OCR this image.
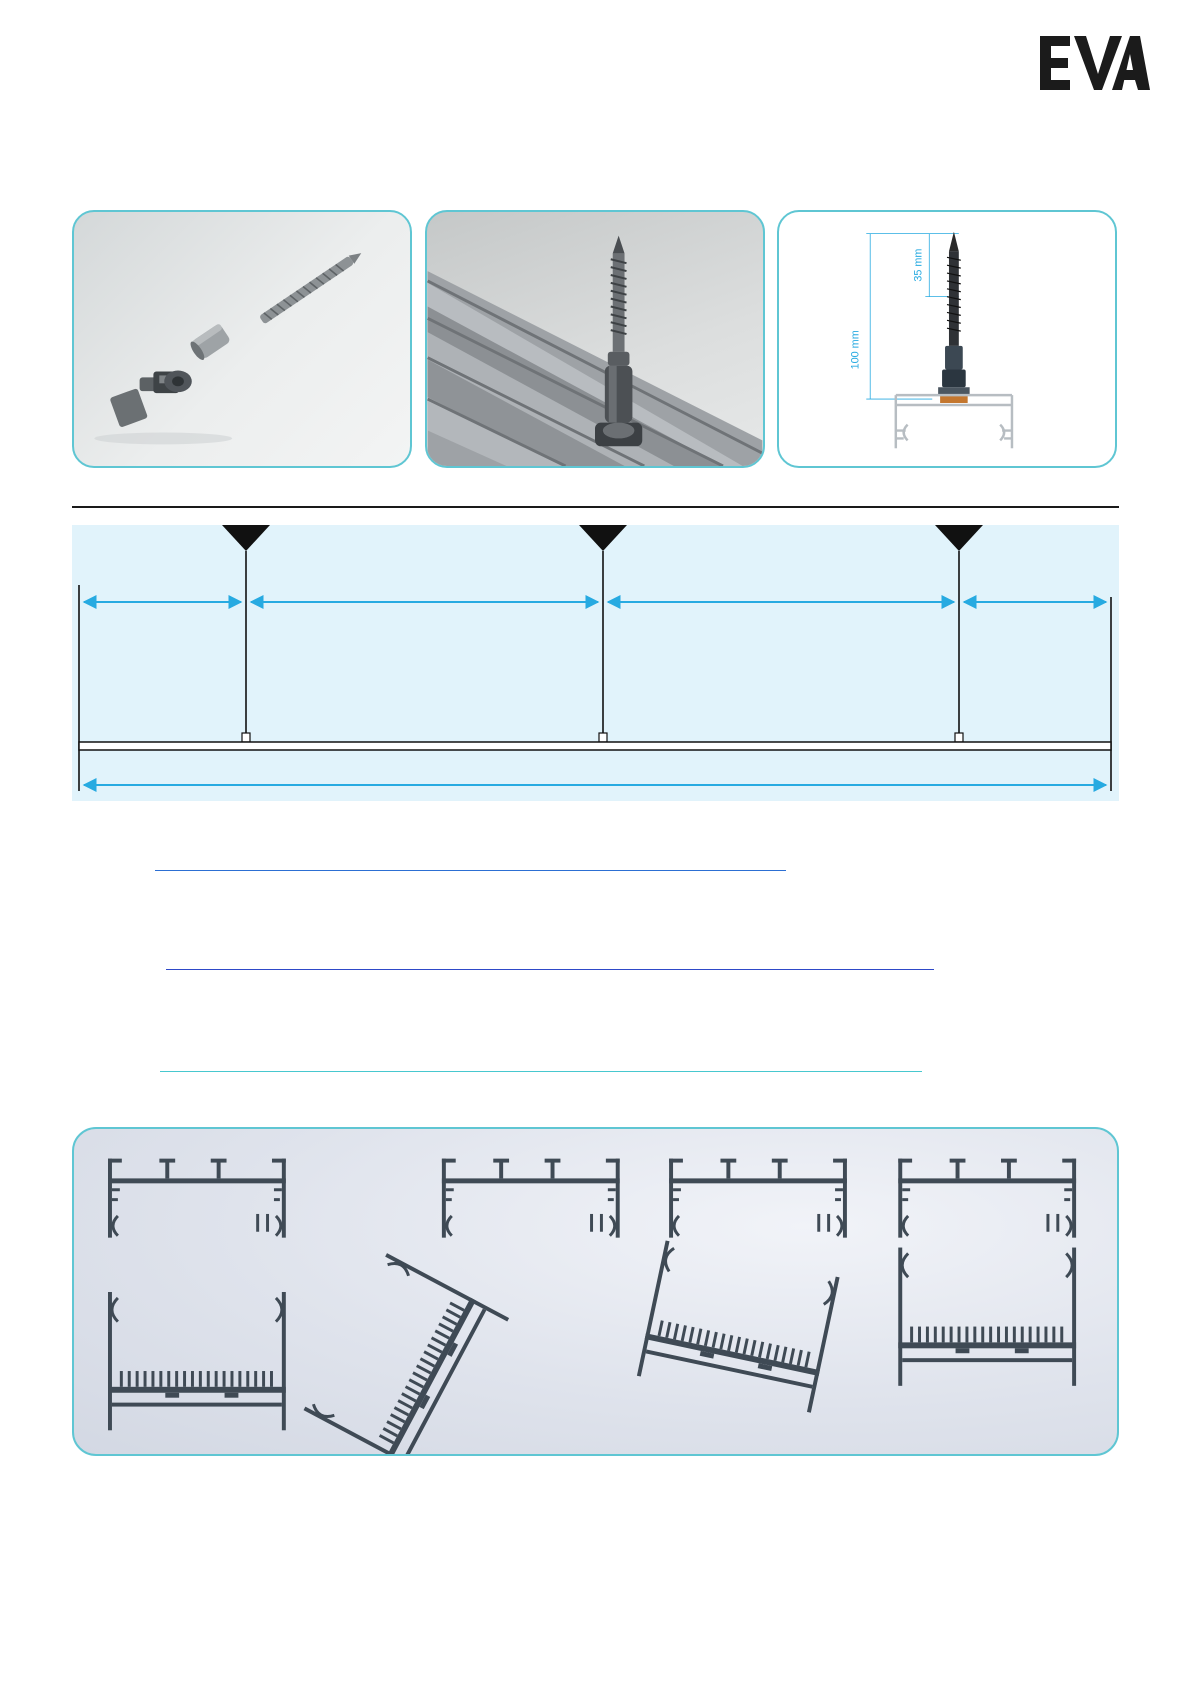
100 mm
35 mm
